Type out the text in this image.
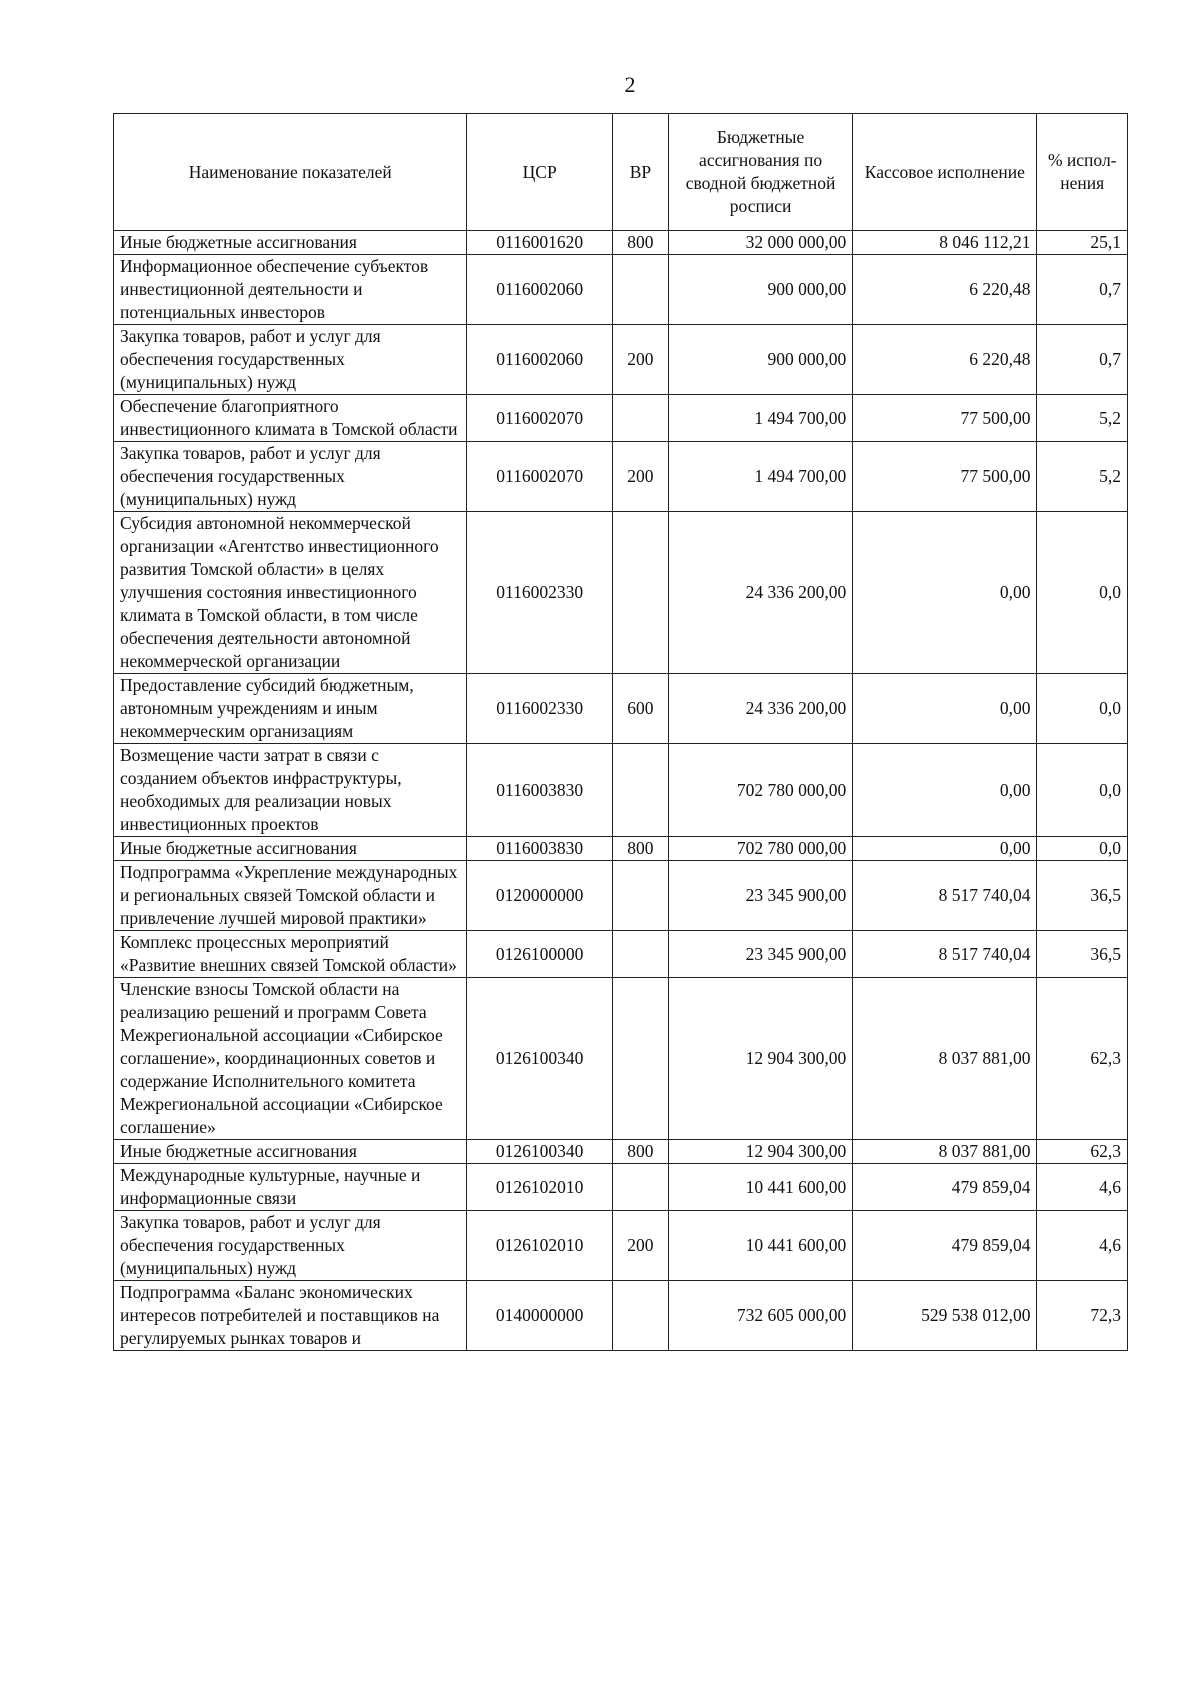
2
Наименование показателей	ЦСР	ВР	Бюджетные ассигнования по сводной бюджетной росписи	Кассовое исполнение	% испол-нения
Иные бюджетные ассигнования	0116001620	800	32 000 000,00	8 046 112,21	25,1
Информационное обеспечение субъектов инвестиционной деятельности и потенциальных инвесторов	0116002060		900 000,00	6 220,48	0,7
Закупка товаров, работ и услуг для обеспечения государственных (муниципальных) нужд	0116002060	200	900 000,00	6 220,48	0,7
Обеспечение благоприятного инвестиционного климата в Томской области	0116002070		1 494 700,00	77 500,00	5,2
Закупка товаров, работ и услуг для обеспечения государственных (муниципальных) нужд	0116002070	200	1 494 700,00	77 500,00	5,2
Субсидия автономной некоммерческой организации «Агентство инвестиционного развития Томской области» в целях улучшения состояния инвестиционного климата в Томской области, в том числе обеспечения деятельности автономной некоммерческой организации	0116002330		24 336 200,00	0,00	0,0
Предоставление субсидий бюджетным, автономным учреждениям и иным некоммерческим организациям	0116002330	600	24 336 200,00	0,00	0,0
Возмещение части затрат в связи с созданием объектов инфраструктуры, необходимых для реализации новых инвестиционных проектов	0116003830		702 780 000,00	0,00	0,0
Иные бюджетные ассигнования	0116003830	800	702 780 000,00	0,00	0,0
Подпрограмма «Укрепление международных и региональных связей Томской области и привлечение лучшей мировой практики»	0120000000		23 345 900,00	8 517 740,04	36,5
Комплекс процессных мероприятий «Развитие внешних связей Томской области»	0126100000		23 345 900,00	8 517 740,04	36,5
Членские взносы Томской области на реализацию решений и программ Совета Межрегиональной ассоциации «Сибирское соглашение», координационных советов и содержание Исполнительного комитета Межрегиональной ассоциации «Сибирское соглашение»	0126100340		12 904 300,00	8 037 881,00	62,3
Иные бюджетные ассигнования	0126100340	800	12 904 300,00	8 037 881,00	62,3
Международные культурные, научные и информационные связи	0126102010		10 441 600,00	479 859,04	4,6
Закупка товаров, работ и услуг для обеспечения государственных (муниципальных) нужд	0126102010	200	10 441 600,00	479 859,04	4,6
Подпрограмма «Баланс экономических интересов потребителей и поставщиков на регулируемых рынках товаров и	0140000000		732 605 000,00	529 538 012,00	72,3
